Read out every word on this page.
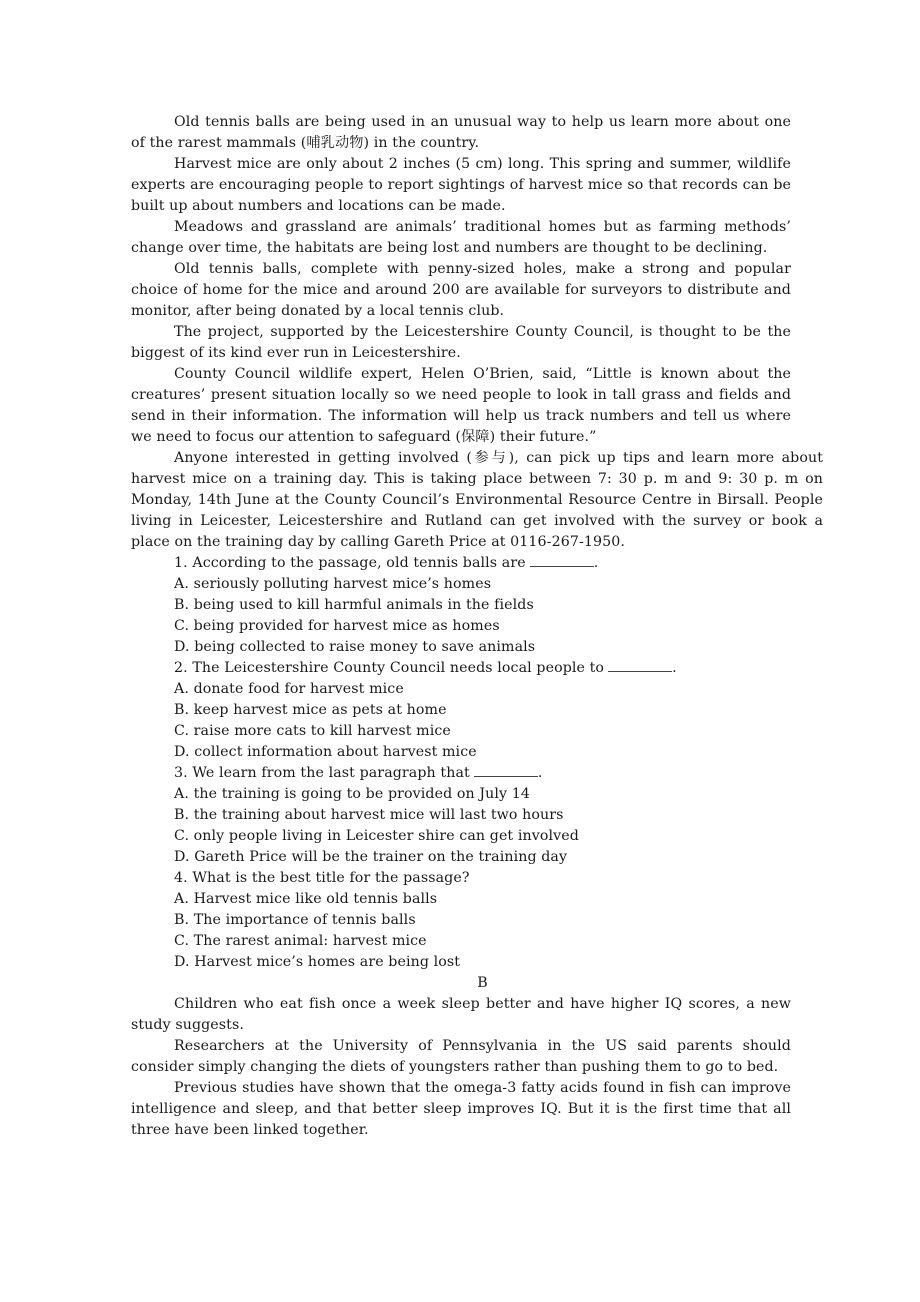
Old tennis balls are being used in an unusual way to help us learn more about one of the rarest mammals (哺乳动物) in the country.

Harvest mice are only about 2 inches (5 cm) long. This spring and summer, wildlife experts are encouraging people to report sightings of harvest mice so that records can be built up about numbers and locations can be made.

Meadows and grassland are animals’ traditional homes but as farming methods’ change over time, the habitats are being lost and numbers are thought to be declining.

Old tennis balls, complete with penny-sized holes, make a strong and popular choice of home for the mice and around 200 are available for surveyors to distribute and monitor, after being donated by a local tennis club.

The project, supported by the Leicestershire County Council, is thought to be the biggest of its kind ever run in Leicestershire.

County Council wildlife expert, Helen O’Brien, said, “Little is known about the creatures’ present situation locally so we need people to look in tall grass and fields and send in their information. The information will help us track numbers and tell us where we need to focus our attention to safeguard (保障) their future.”

Anyone interested in getting involved (参与), can pick up tips and learn more about harvest mice on a training day. This is taking place between 7: 30 p. m and 9: 30 p. m on Monday, 14th June at the County Council’s Environmental Resource Centre in Birsall. People living in Leicester, Leicestershire and Rutland can get involved with the survey or book a place on the training day by calling Gareth Price at 0116-267-1950.

1. According to the passage, old tennis balls are	.

A. seriously polluting harvest mice’s homes

B. being used to kill harmful animals in the fields

C. being provided for harvest mice as homes

D. being collected to raise money to save animals

2. The Leicestershire County Council needs local people to	.

A. donate food for harvest mice

B. keep harvest mice as pets at home

C. raise more cats to kill harvest mice

D. collect information about harvest mice

3. We learn from the last paragraph that	.

A. the training is going to be provided on July 14

B. the training about harvest mice will last two hours

C. only people living in Leicester shire can get involved

D. Gareth Price will be the trainer on the training day

4. What is the best title for the passage?

A. Harvest mice like old tennis balls

B. The importance of tennis balls

C. The rarest animal: harvest mice

D. Harvest mice’s homes are being lost

B

Children who eat fish once a week sleep better and have higher IQ scores, a new study suggests.

Researchers at the University of Pennsylvania in the US said parents should consider simply changing the diets of youngsters rather than pushing them to go to bed.

Previous studies have shown that the omega-3 fatty acids found in fish can improve intelligence and sleep, and that better sleep improves IQ. But it is the first time that all three have been linked together.
